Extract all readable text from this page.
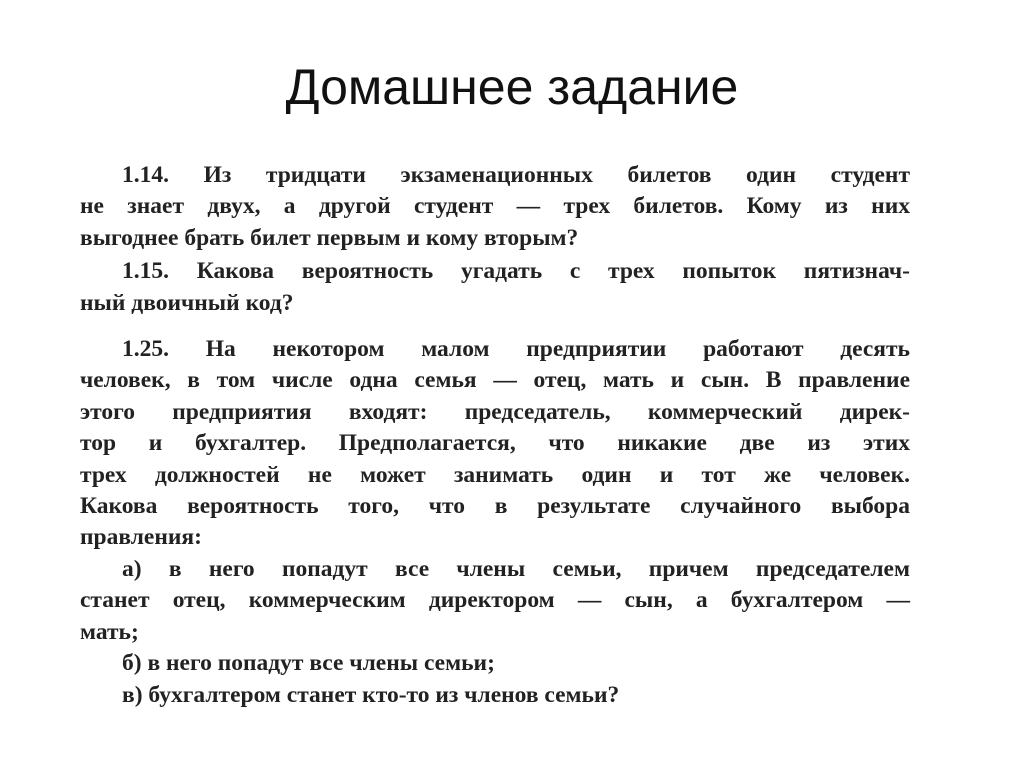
Домашнее задание
1.14. Из тридцати экзаменационных билетов один студент
не знает двух, а другой студент — трех билетов. Кому из них
выгоднее брать билет первым и кому вторым?
1.15. Какова вероятность угадать с трех попыток пятизнач-
ный двоичный код?
1.25. На некотором малом предприятии работают десять
человек, в том числе одна семья — отец, мать и сын. В правление
этого предприятия входят: председатель, коммерческий дирек-
тор и бухгалтер. Предполагается, что никакие две из этих
трех должностей не может занимать один и тот же человек.
Какова вероятность того, что в результате случайного выбора
правления:
а) в него попадут все члены семьи, причем председателем
станет отец, коммерческим директором — сын, а бухгалтером —
мать;
б) в него попадут все члены семьи;
в) бухгалтером станет кто-то из членов семьи?
